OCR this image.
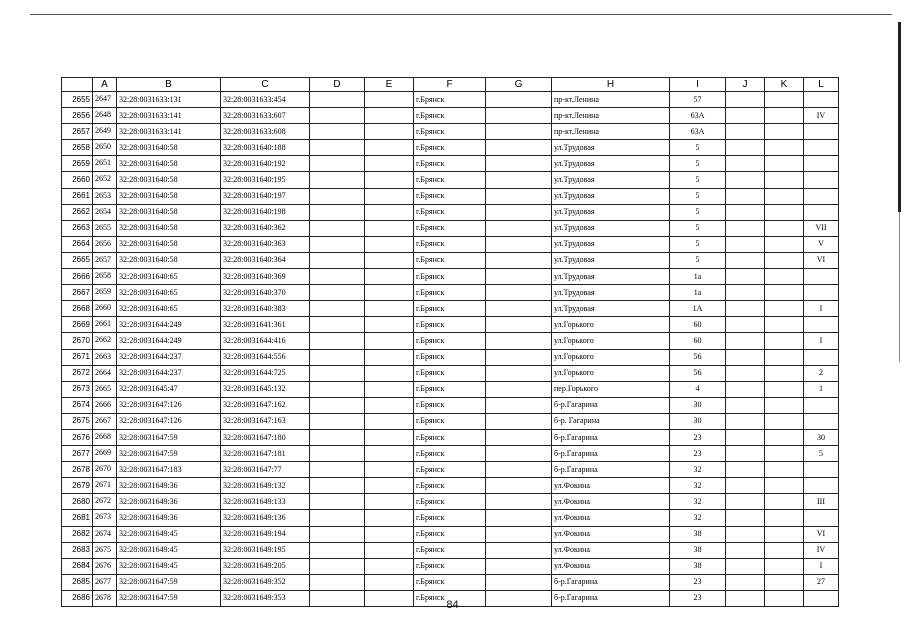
	A	B	C	D	E	F	G	H	I	J	K	L
2655	2647	32:28:0031633:131	32:28:0031633:454			г.Брянск		пр-кт.Ленина	57			
2656	2648	32:28:0031633:141	32:28:0031633:607			г.Брянск		пр-кт.Ленина	63А			IV
2657	2649	32:28:0031633:141	32:28:0031633:608			г.Брянск		пр-кт.Ленина	63А			
2658	2650	32:28:0031640:58	32:28:0031640:188			г.Брянск		ул.Трудовая	5			
2659	2651	32:28:0031640:58	32:28:0031640:192			г.Брянск		ул.Трудовая	5			
2660	2652	32:28:0031640:58	32:28:0031640:195			г.Брянск		ул.Трудовая	5			
2661	2653	32:28:0031640:58	32:28:0031640:197			г.Брянск		ул.Трудовая	5			
2662	2654	32:28:0031640:58	32:28:0031640:198			г.Брянск		ул.Трудовая	5			
2663	2655	32:28:0031640:58	32:28:0031640:362			г.Брянск		ул.Трудовая	5			VII
2664	2656	32:28:0031640:58	32:28:0031640:363			г.Брянск		ул.Трудовая	5			V
2665	2657	32:28:0031640:58	32:28:0031640:364			г.Брянск		ул.Трудовая	5			VI
2666	2658	32:28:0031640:65	32:28:0031640:369			г.Брянск		ул.Трудовая	1а			
2667	2659	32:28:0031640:65	32:28:0031640:370			г.Брянск		ул.Трудовая	1а			
2668	2660	32:28:0031640:65	32:28:0031640:383			г.Брянск		ул.Трудовая	1А			I
2669	2661	32:28:0031644:249	32:28:0031641:361			г.Брянск		ул.Горького	60			
2670	2662	32:28:0031644:249	32:28:0031644:416			г.Брянск		ул.Горького	60			I
2671	2663	32:28:0031644:237	32:28:0031644:556			г.Брянск		ул.Горького	56			
2672	2664	32:28:0031644:237	32:28:0031644:725			г.Брянск		ул.Горького	56			2
2673	2665	32:28:0031645:47	32:28:0031645:132			г.Брянск		пер.Горького	4			1
2674	2666	32:28:0031647:126	32:28:0031647:162			г.Брянск		б-р.Гагарина	30			
2675	2667	32:28:0031647:126	32:28:0031647:163			г.Брянск		б-р. Гагарина	30			
2676	2668	32:28:0031647:59	32:28:0031647:180			г.Брянск		б-р.Гагарина	23			30
2677	2669	32:28:0031647:59	32:28:0031647:181			г.Брянск		б-р.Гагарина	23			5
2678	2670	32:28:0031647:183	32:28:0031647:77			г.Брянск		б-р.Гагарина	32			
2679	2671	32:28:0031649:36	32:28:0031649:132			г.Брянск		ул.Фокина	32			
2680	2672	32:28:0031649:36	32:28:0031649:133			г.Брянск		ул.Фокина	32			III
2681	2673	32:28:0031649:36	32:28:0031649:136			г.Брянск		ул.Фокина	32			
2682	2674	32:28:0031649:45	32:28:0031649:194			г.Брянск		ул.Фокина	38			VI
2683	2675	32:28:0031649:45	32:28:0031649:195			г.Брянск		ул.Фокина	38			IV
2684	2676	32:28:0031649:45	32:28:0031649:205			г.Брянск		ул.Фокина	38			I
2685	2677	32:28:0031647:59	32:28:0031649:352			г.Брянск		б-р.Гагарина	23			27
2686	2678	32:28:0031647:59	32:28:0031649:353			г.Брянск		б-р.Гагарина	23			
84
